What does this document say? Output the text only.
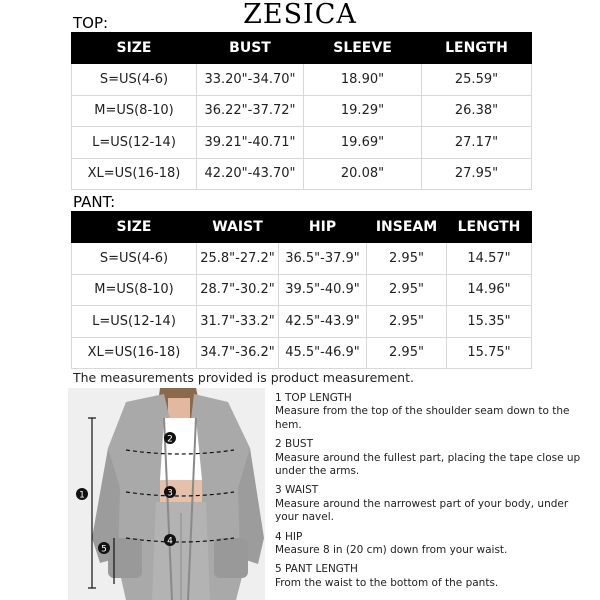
ZESICA
TOP:
SIZE	BUST	SLEEVE	LENGTH
S=US(4-6)	33.20"-34.70"	18.90"	25.59"
M=US(8-10)	36.22"-37.72"	19.29"	26.38"
L=US(12-14)	39.21"-40.71"	19.69"	27.17"
XL=US(16-18)	42.20"-43.70"	20.08"	27.95"
PANT:
SIZE	WAIST	HIP	INSEAM	LENGTH
S=US(4-6)	25.8"-27.2"	36.5"-37.9"	2.95"	14.57"
M=US(8-10)	28.7"-30.2"	39.5"-40.9"	2.95"	14.96"
L=US(12-14)	31.7"-33.2"	42.5"-43.9"	2.95"	15.35"
XL=US(16-18)	34.7"-36.2"	45.5"-46.9"	2.95"	15.75"
The measurements provided is product measurement.
1
2
3
4
5
1 TOP LENGTH
Measure from the top of the shoulder seam down to the hem.
2 BUST
Measure around the fullest part, placing the tape close up under the arms.
3 WAIST
Measure around the narrowest part of your body, under your navel.
4 HIP
Measure 8 in (20 cm) down from your waist.
5 PANT LENGTH
From the waist to the bottom of the pants.
